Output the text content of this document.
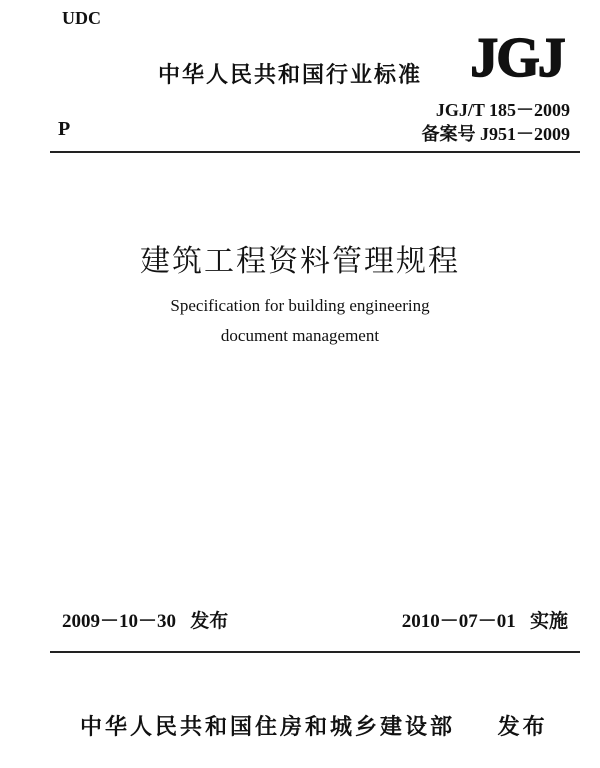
UDC
中华人民共和国行业标准 JGJ
P
JGJ/T 185－2009
备案号 J951－2009
建筑工程资料管理规程
Specification for building engineering
document management
2009－10－30 发布	2010－07－01 实施
中华人民共和国住房和城乡建设部 发布
